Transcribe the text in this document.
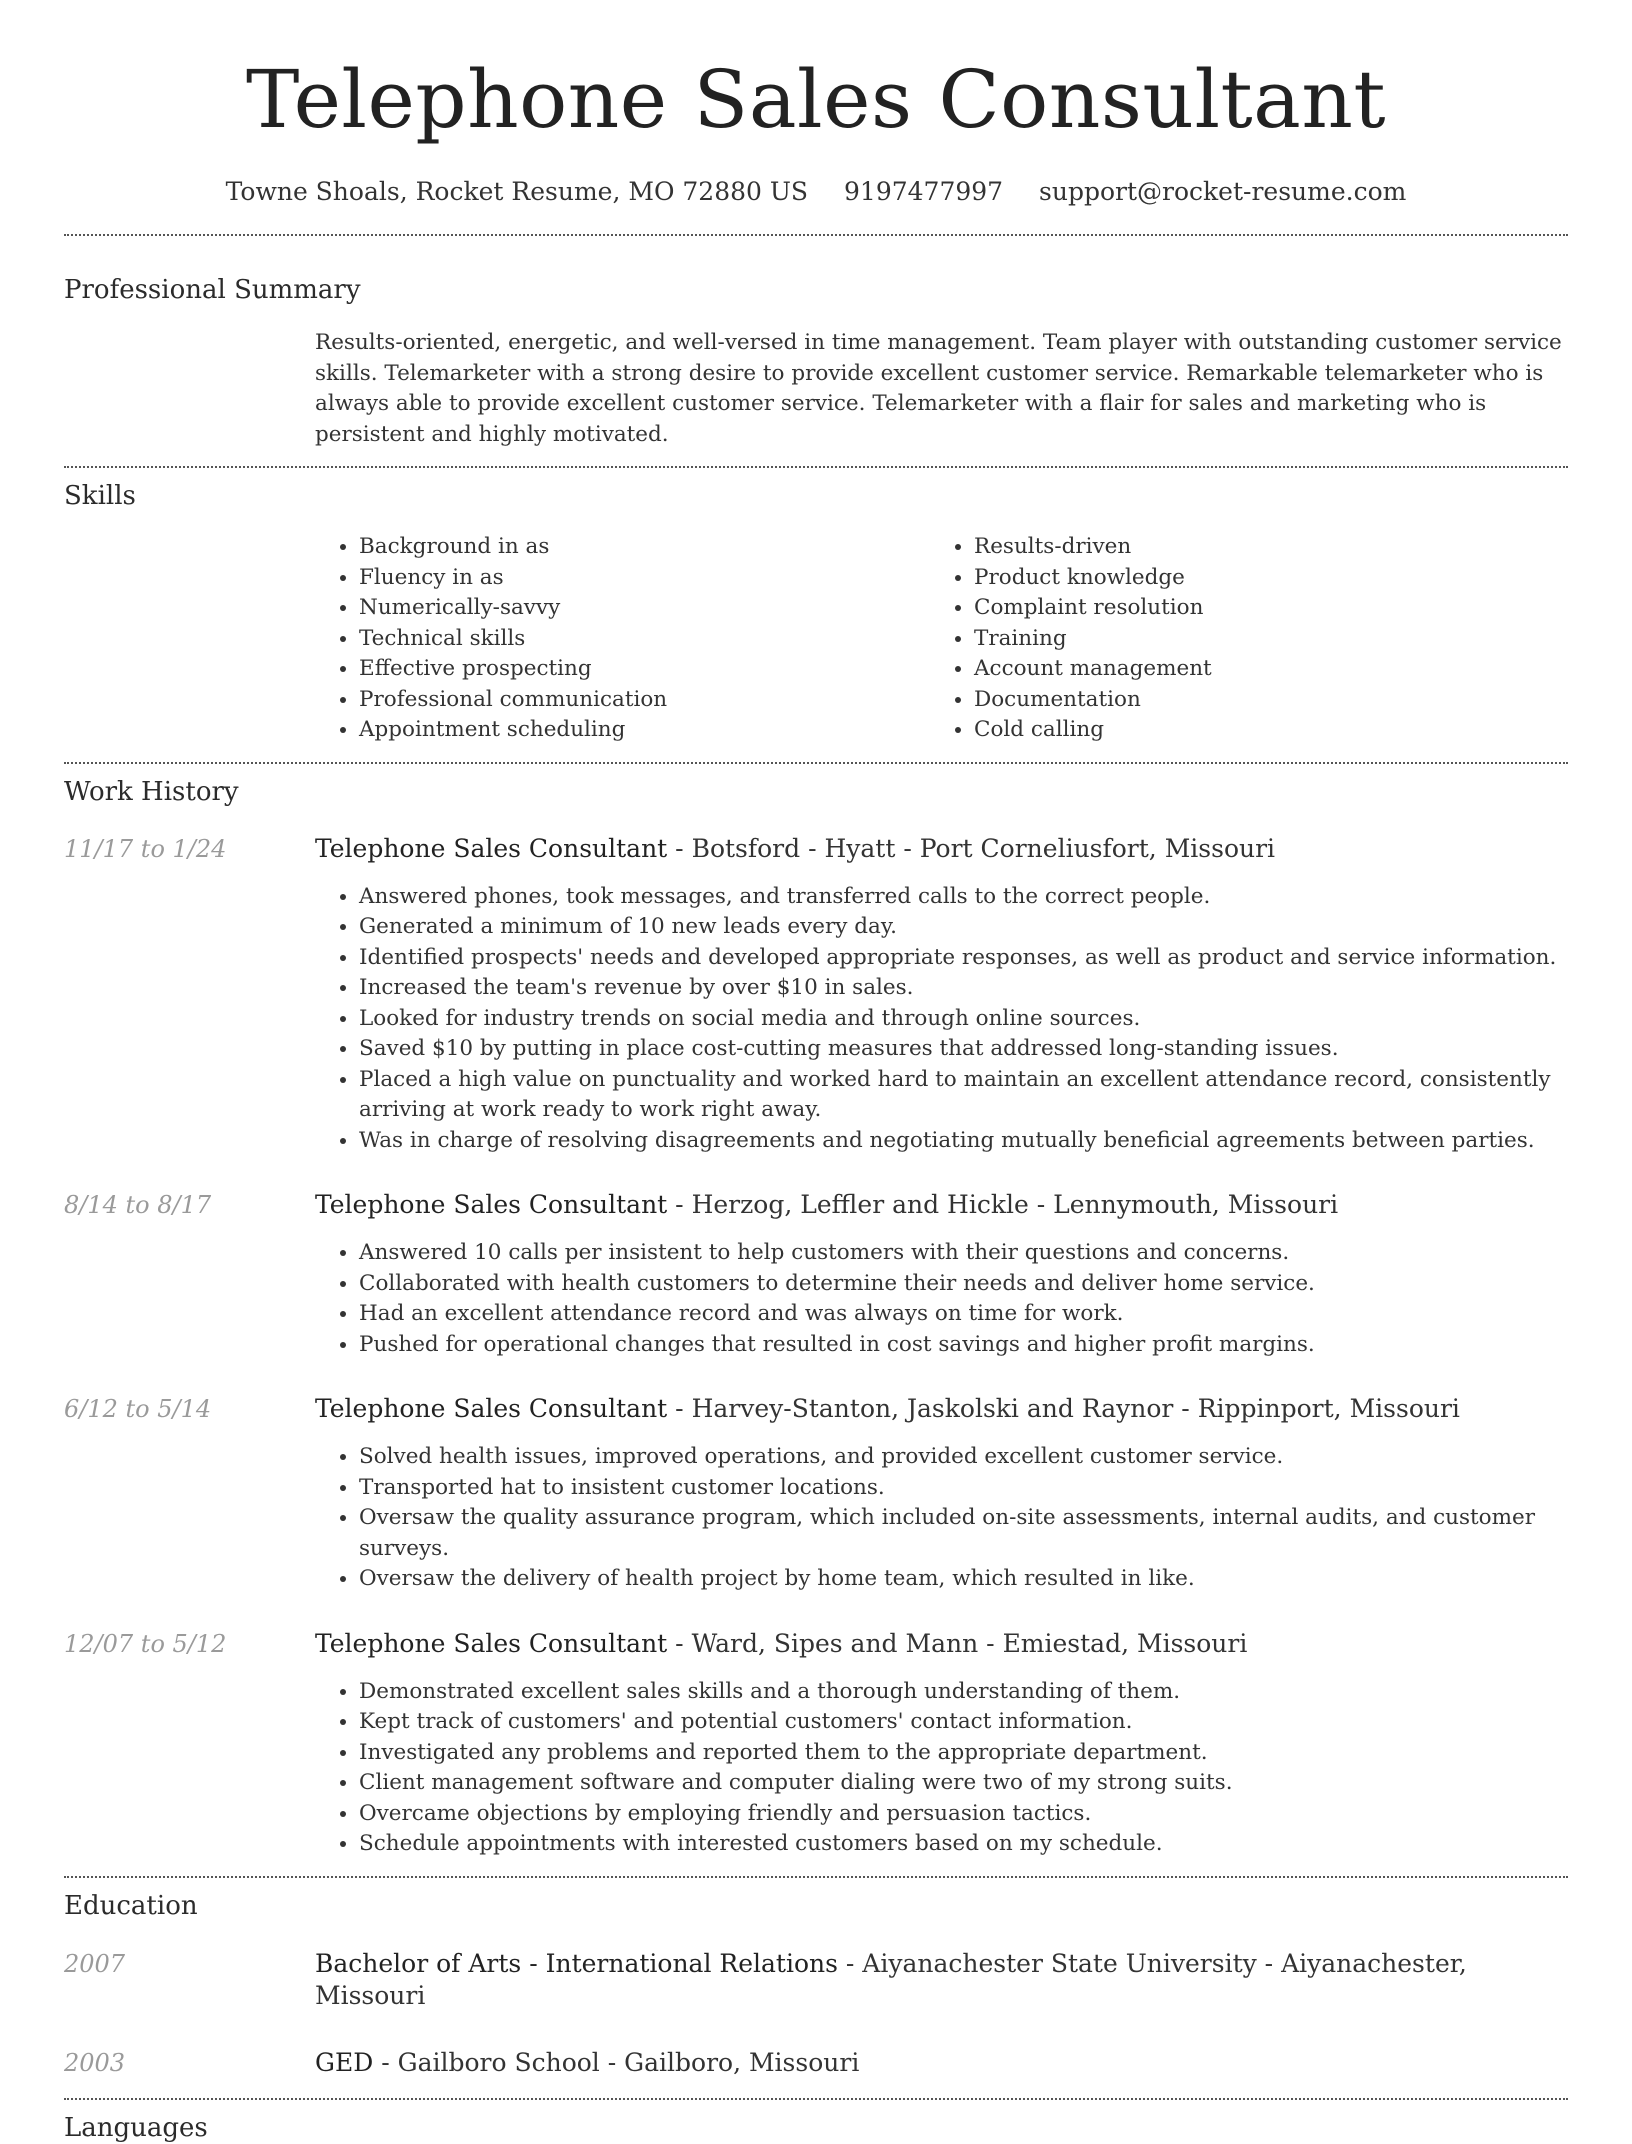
Telephone Sales Consultant
Towne Shoals, Rocket Resume, MO 72880 US 9197477997 support@rocket-resume.com
Professional Summary

Results-oriented, energetic, and well-versed in time management. Team player with outstanding customer service skills. Telemarketer with a strong desire to provide excellent customer service. Remarkable telemarketer who is always able to provide excellent customer service. Telemarketer with a flair for sales and marketing who is persistent and highly motivated.

Skills
• Background in as
• Fluency in as
• Numerically-savvy
• Technical skills
• Effective prospecting
• Professional communication
• Appointment scheduling
• Results-driven
• Product knowledge
• Complaint resolution
• Training
• Account management
• Documentation
• Cold calling
Work History
11/17 to 1/24	Telephone Sales Consultant - Botsford - Hyatt - Port Corneliusfort, Missouri
• Answered phones, took messages, and transferred calls to the correct people.
• Generated a minimum of 10 new leads every day.
• Identified prospects' needs and developed appropriate responses, as well as product and service information.
• Increased the team's revenue by over $10 in sales.
• Looked for industry trends on social media and through online sources.
• Saved $10 by putting in place cost-cutting measures that addressed long-standing issues.
• Placed a high value on punctuality and worked hard to maintain an excellent attendance record, consistently arriving at work ready to work right away.
• Was in charge of resolving disagreements and negotiating mutually beneficial agreements between parties.
8/14 to 8/17	Telephone Sales Consultant - Herzog, Leffler and Hickle - Lennymouth, Missouri
• Answered 10 calls per insistent to help customers with their questions and concerns.
• Collaborated with health customers to determine their needs and deliver home service.
• Had an excellent attendance record and was always on time for work.
• Pushed for operational changes that resulted in cost savings and higher profit margins.
6/12 to 5/14	Telephone Sales Consultant - Harvey-Stanton, Jaskolski and Raynor - Rippinport, Missouri
• Solved health issues, improved operations, and provided excellent customer service.
• Transported hat to insistent customer locations.
• Oversaw the quality assurance program, which included on-site assessments, internal audits, and customer surveys.
• Oversaw the delivery of health project by home team, which resulted in like.
12/07 to 5/12	Telephone Sales Consultant - Ward, Sipes and Mann - Emiestad, Missouri
• Demonstrated excellent sales skills and a thorough understanding of them.
• Kept track of customers' and potential customers' contact information.
• Investigated any problems and reported them to the appropriate department.
• Client management software and computer dialing were two of my strong suits.
• Overcame objections by employing friendly and persuasion tactics.
• Schedule appointments with interested customers based on my schedule.
Education
2007	Bachelor of Arts - International Relations - Aiyanachester State University - Aiyanachester, Missouri
2003	GED - Gailboro School - Gailboro, Missouri
Languages
